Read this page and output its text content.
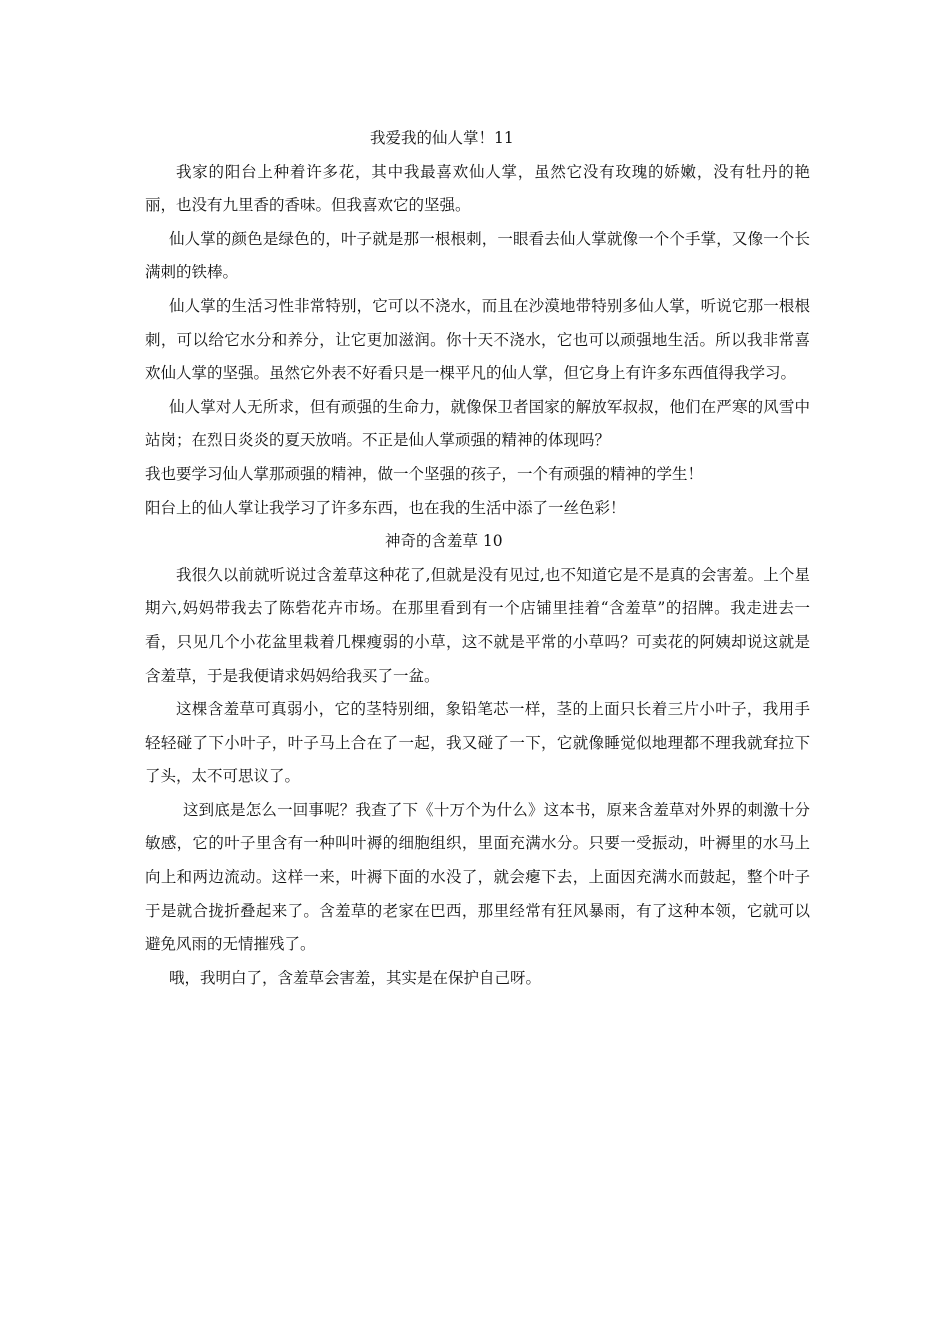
我爱我的仙人掌！11

我家的阳台上种着许多花，其中我最喜欢仙人掌，虽然它没有玫瑰的娇嫩，没有牡丹的艳丽，也没有九里香的香味。但我喜欢它的坚强。

仙人掌的颜色是绿色的，叶子就是那一根根刺，一眼看去仙人掌就像一个个手掌，又像一个长满刺的铁棒。

仙人掌的生活习性非常特别，它可以不浇水，而且在沙漠地带特别多仙人掌，听说它那一根根刺，可以给它水分和养分，让它更加滋润。你十天不浇水，它也可以顽强地生活。所以我非常喜欢仙人掌的坚强。虽然它外表不好看只是一棵平凡的仙人掌，但它身上有许多东西值得我学习。

仙人掌对人无所求，但有顽强的生命力，就像保卫者国家的解放军叔叔，他们在严寒的风雪中站岗；在烈日炎炎的夏天放哨。不正是仙人掌顽强的精神的体现吗？

我也要学习仙人掌那顽强的精神，做一个坚强的孩子，一个有顽强的精神的学生！

阳台上的仙人掌让我学习了许多东西，也在我的生活中添了一丝色彩！

神奇的含羞草 10

我很久以前就听说过含羞草这种花了,但就是没有见过,也不知道它是不是真的会害羞。上个星期六,妈妈带我去了陈砦花卉市场。在那里看到有一个店铺里挂着“含羞草”的招牌。我走进去一看，只见几个小花盆里栽着几棵瘦弱的小草，这不就是平常的小草吗？可卖花的阿姨却说这就是含羞草，于是我便请求妈妈给我买了一盆。

这棵含羞草可真弱小，它的茎特别细，象铅笔芯一样，茎的上面只长着三片小叶子，我用手轻轻碰了下小叶子，叶子马上合在了一起，我又碰了一下，它就像睡觉似地理都不理我就耷拉下了头，太不可思议了。

这到底是怎么一回事呢？我查了下《十万个为什么》这本书，原来含羞草对外界的刺激十分敏感，它的叶子里含有一种叫叶褥的细胞组织，里面充满水分。只要一受振动，叶褥里的水马上向上和两边流动。这样一来，叶褥下面的水没了，就会瘪下去，上面因充满水而鼓起，整个叶子于是就合拢折叠起来了。含羞草的老家在巴西，那里经常有狂风暴雨，有了这种本领，它就可以避免风雨的无情摧残了。

哦，我明白了，含羞草会害羞，其实是在保护自己呀。
